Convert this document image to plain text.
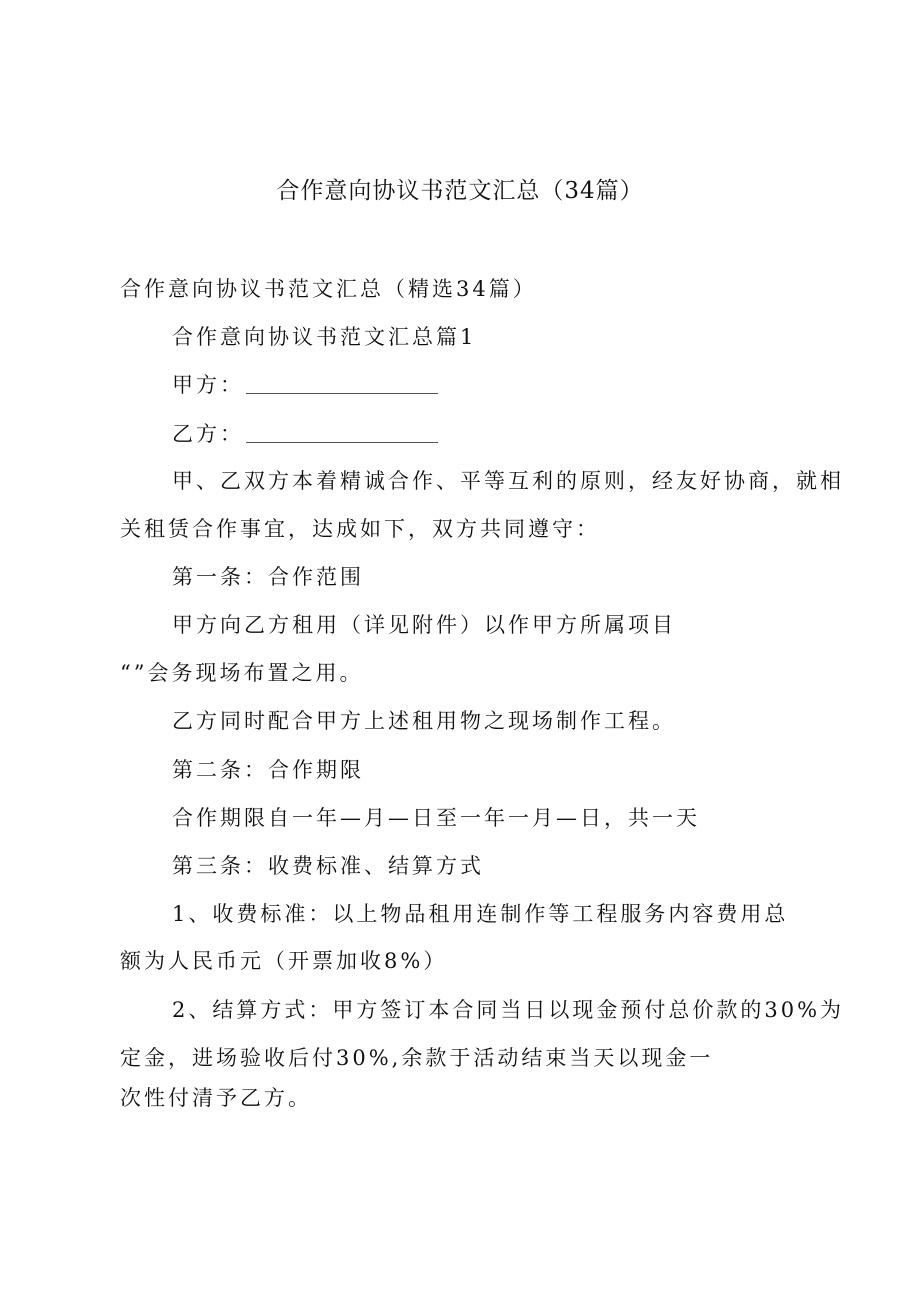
合作意向协议书范文汇总（34篇）
合作意向协议书范文汇总（精选34篇）
合作意向协议书范文汇总篇1
甲方：
乙方：
甲、乙双方本着精诚合作、平等互利的原则，经友好协商，就相
关租赁合作事宜，达成如下，双方共同遵守：
第一条：合作范围
甲方向乙方租用（详见附件）以作甲方所属项目
“”会务现场布置之用。
乙方同时配合甲方上述租用物之现场制作工程。
第二条：合作期限
合作期限自一年—月—日至一年一月—日，共一天
第三条：收费标准、结算方式
1、收费标准：以上物品租用连制作等工程服务内容费用总
额为人民币元（开票加收8%）
2、结算方式：甲方签订本合同当日以现金预付总价款的30%为
定金，进场验收后付30%,余款于活动结束当天以现金一
次性付清予乙方。
